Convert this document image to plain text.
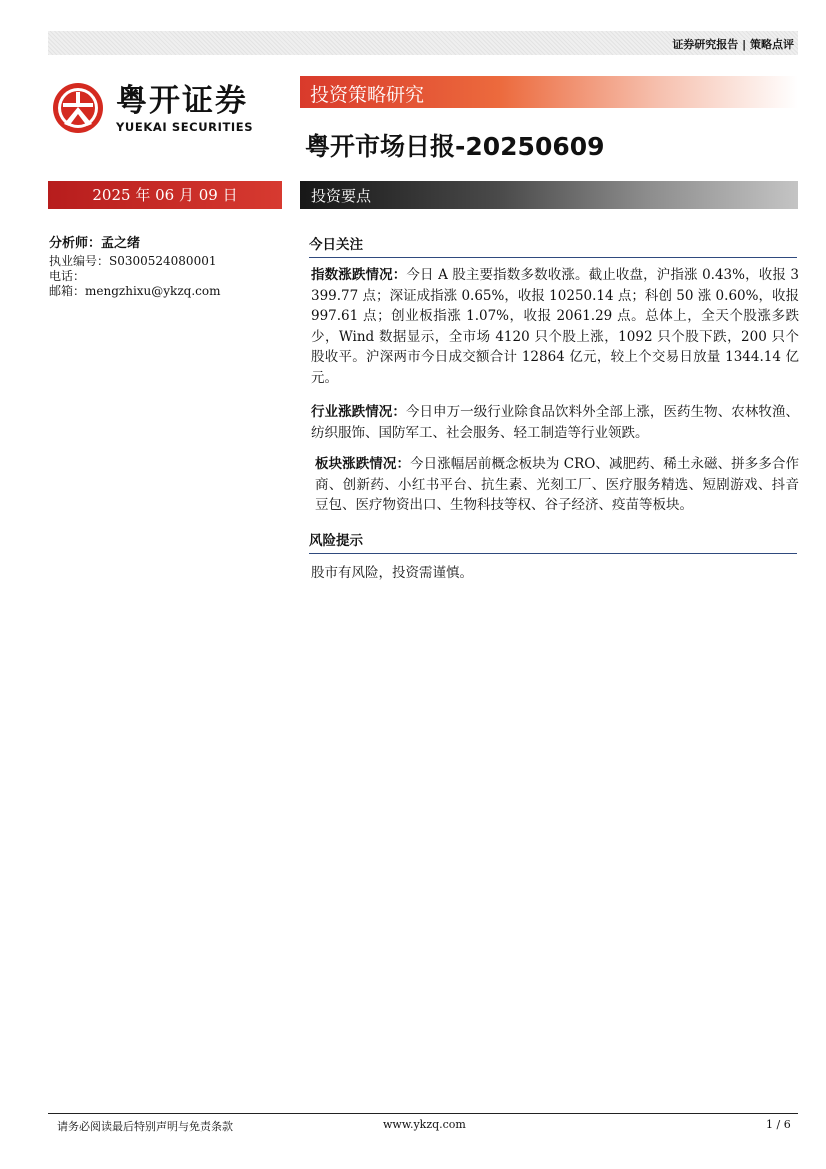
证券研究报告 | 策略点评
粤开证券
YUEKAI SECURITIES
投资策略研究
粤开市场日报-20250609
2025 年 06 月 09 日	投资要点
分析师：孟之绪
执业编号：S0300524080001
电话：
邮箱：mengzhixu@ykzq.com
今日关注
指数涨跌情况：今日 A 股主要指数多数收涨。截止收盘，沪指涨 0.43%，收报 3399.77 点；深证成指涨 0.65%，收报 10250.14 点；科创 50 涨 0.60%，收报 997.61 点；创业板指涨 1.07%，收报 2061.29 点。总体上，全天个股涨多跌少，Wind 数据显示，全市场 4120 只个股上涨，1092 只个股下跌，200 只个股收平。沪深两市今日成交额合计 12864 亿元，较上个交易日放量 1344.14 亿元。
行业涨跌情况：今日申万一级行业除食品饮料外全部上涨，医药生物、农林牧渔、纺织服饰、国防军工、社会服务、轻工制造等行业领跌。
板块涨跌情况：今日涨幅居前概念板块为 CRO、减肥药、稀土永磁、拼多多合作商、创新药、小红书平台、抗生素、光刻工厂、医疗服务精选、短剧游戏、抖音豆包、医疗物资出口、生物科技等权、谷子经济、疫苗等板块。
风险提示
股市有风险，投资需谨慎。
请务必阅读最后特别声明与免责条款	www.ykzq.com	1 / 6
